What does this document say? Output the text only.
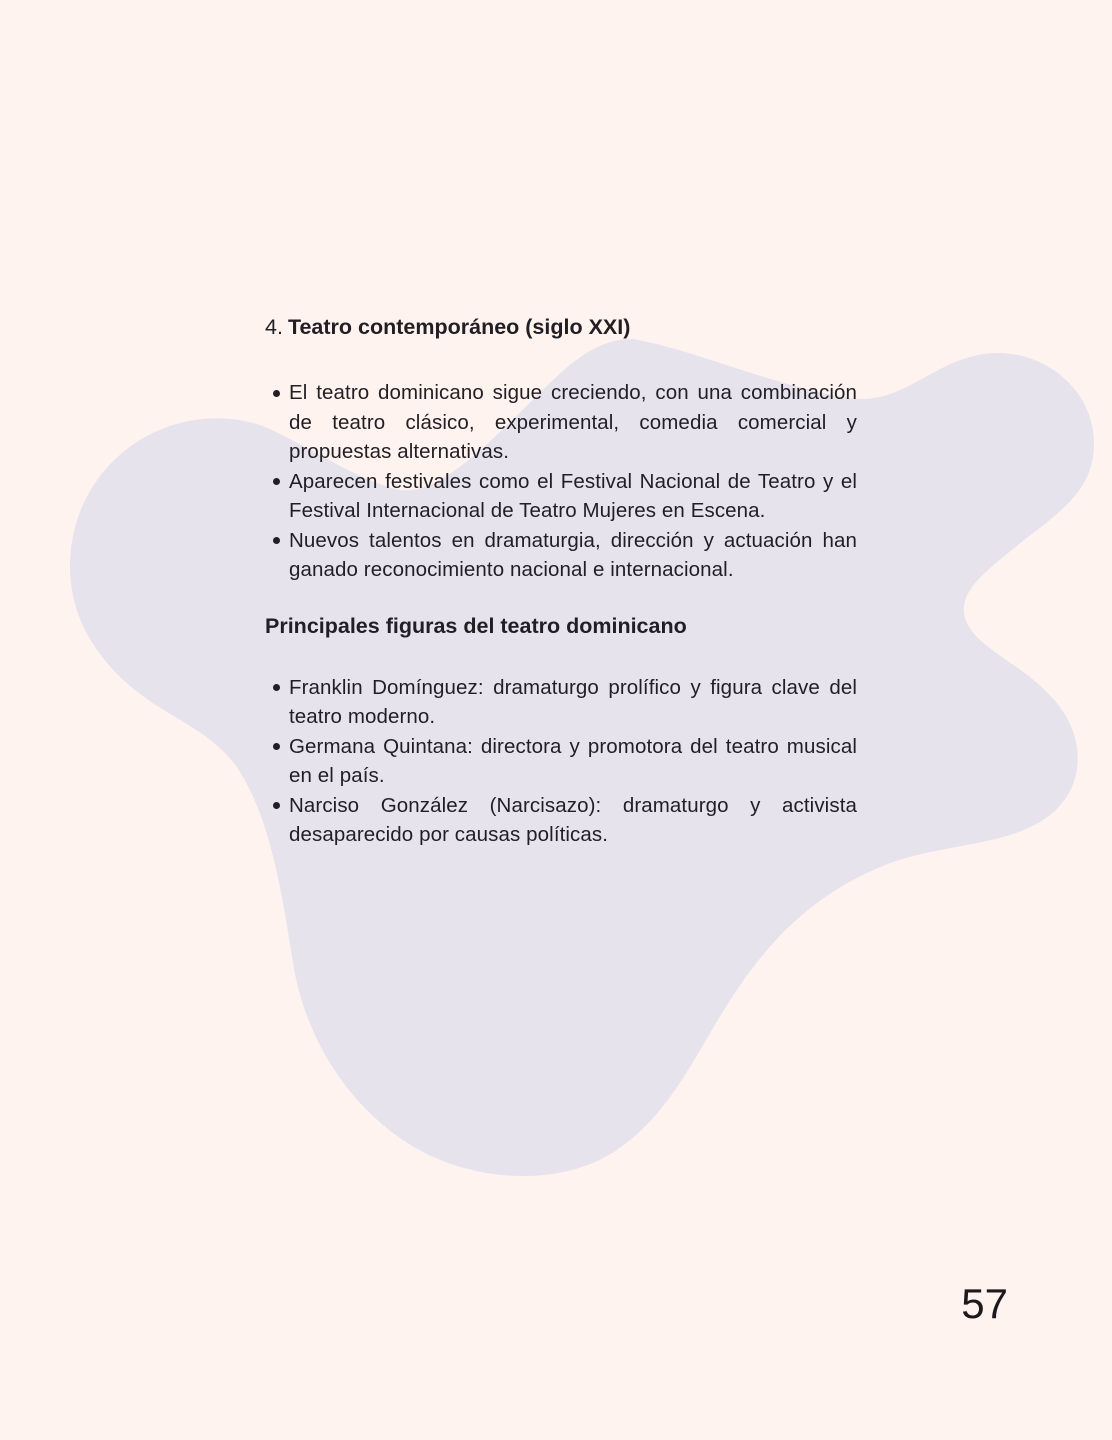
4. Teatro contemporáneo (siglo XXI)
El teatro dominicano sigue creciendo, con una combinación de teatro clásico, experimental, comedia comercial y propuestas alternativas.
Aparecen festivales como el Festival Nacional de Teatro y el Festival Internacional de Teatro Mujeres en Escena.
Nuevos talentos en dramaturgia, dirección y actuación han ganado reconocimiento nacional e internacional.
Principales figuras del teatro dominicano
Franklin Domínguez: dramaturgo prolífico y figura clave del teatro moderno.
Germana Quintana: directora y promotora del teatro musical en el país.
Narciso González (Narcisazo): dramaturgo y activista desaparecido por causas políticas.
57
